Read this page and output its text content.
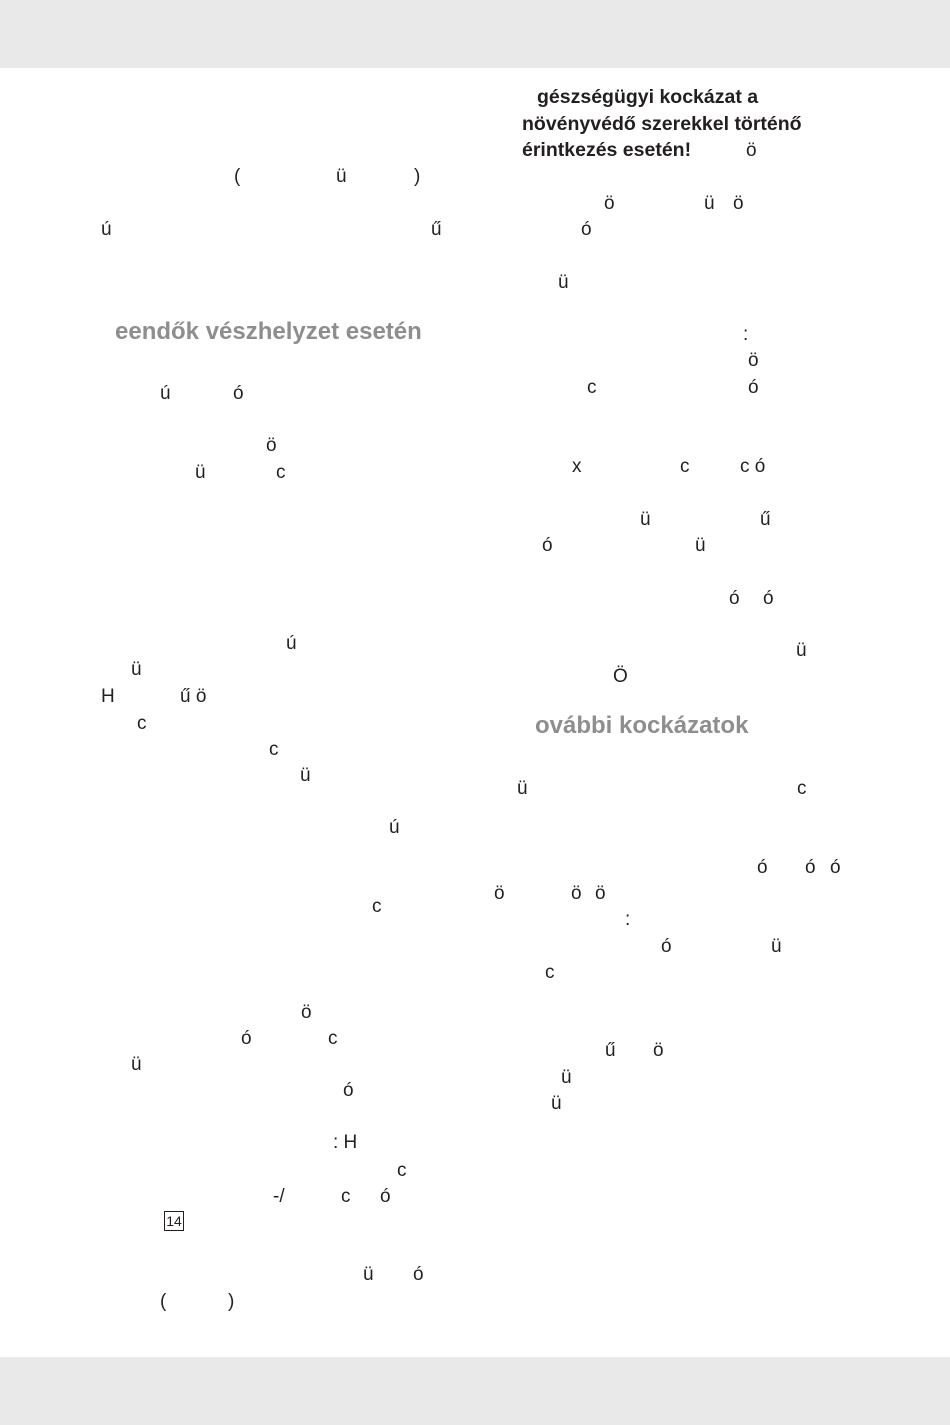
(	ü	)
ú	ű
eendők vészhelyzet esetén
ú	ó
ö
ü	c
ú
ü
H	ű ö
c
c
ü
ú
c
ö
ó	c
ü
ó
: H
c
-/	c ó
14
ü ó
(	)
gészségügyi kockázat a
növényvédő szerekkel történő
érintkezés esetén!	ö
ö	ü ö
ó
ü
:
ö
c	ó
x	c	c ó
ü	ű
ó	ü
ó ó
ü
Ö
ovábbi kockázatok
ü	c
ó ó ó
ö	ö ö
:
ó	ü
c
ű ö
ü
ü
